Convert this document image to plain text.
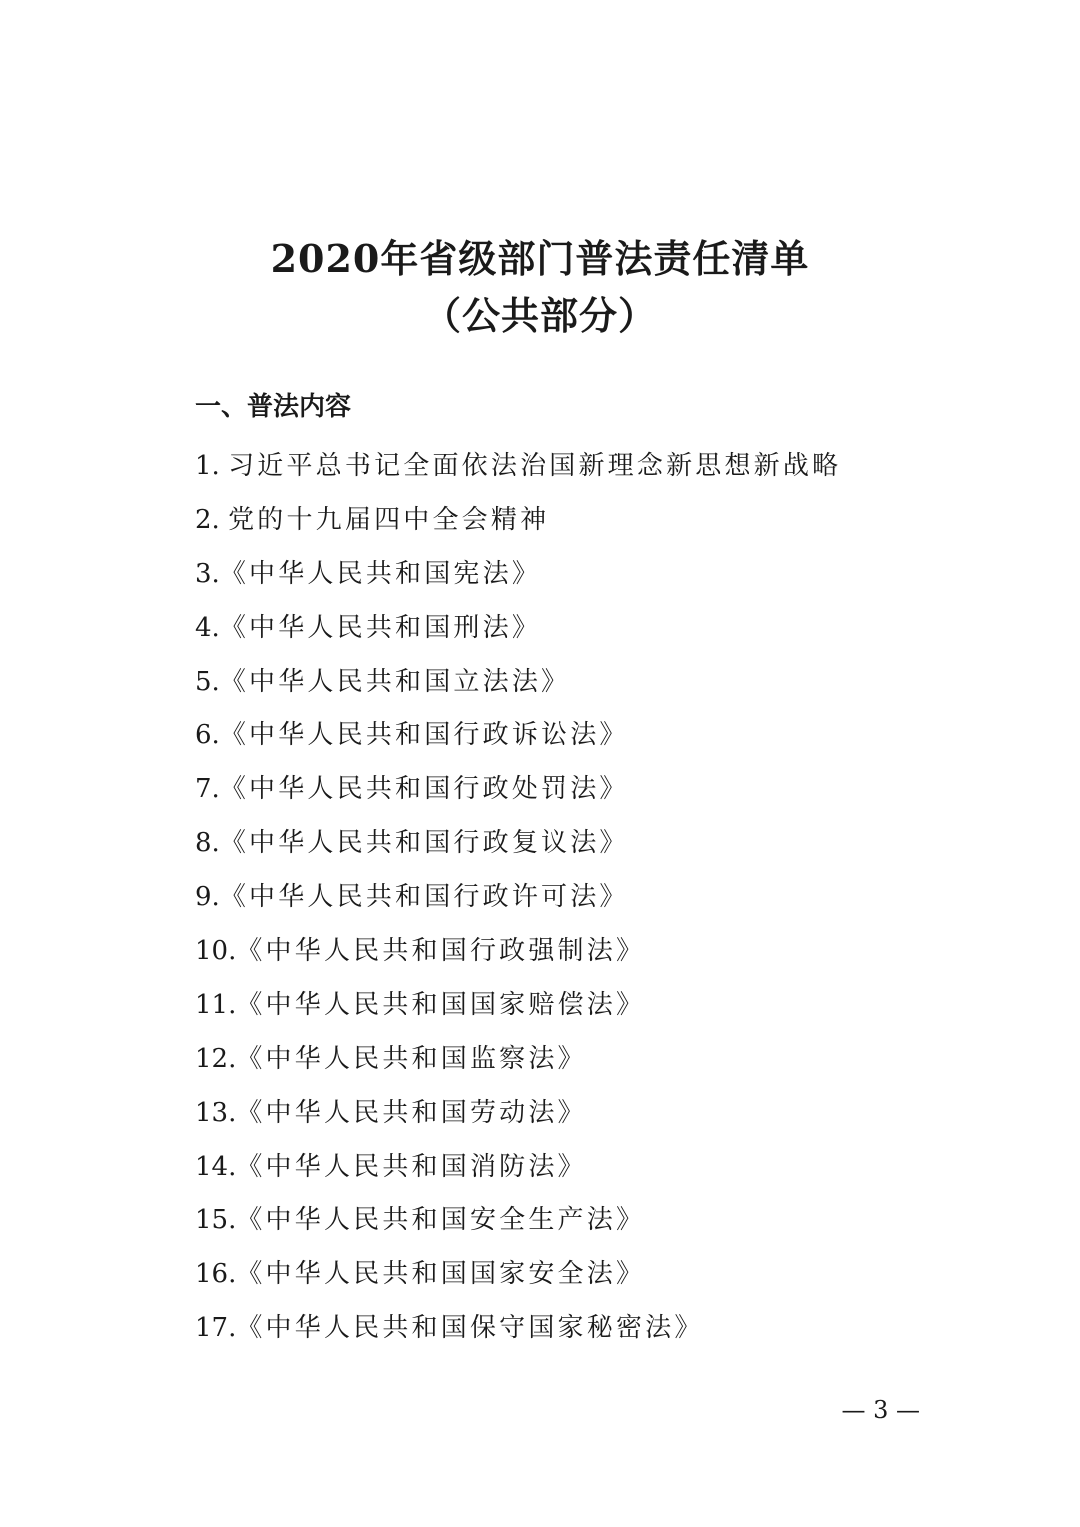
2020年省级部门普法责任清单
（公共部分）
一、普法内容
1. 习近平总书记全面依法治国新理念新思想新战略
2. 党的十九届四中全会精神
3.《中华人民共和国宪法》
4.《中华人民共和国刑法》
5.《中华人民共和国立法法》
6.《中华人民共和国行政诉讼法》
7.《中华人民共和国行政处罚法》
8.《中华人民共和国行政复议法》
9.《中华人民共和国行政许可法》
10.《中华人民共和国行政强制法》
11.《中华人民共和国国家赔偿法》
12.《中华人民共和国监察法》
13.《中华人民共和国劳动法》
14.《中华人民共和国消防法》
15.《中华人民共和国安全生产法》
16.《中华人民共和国国家安全法》
17.《中华人民共和国保守国家秘密法》
— 3 —
